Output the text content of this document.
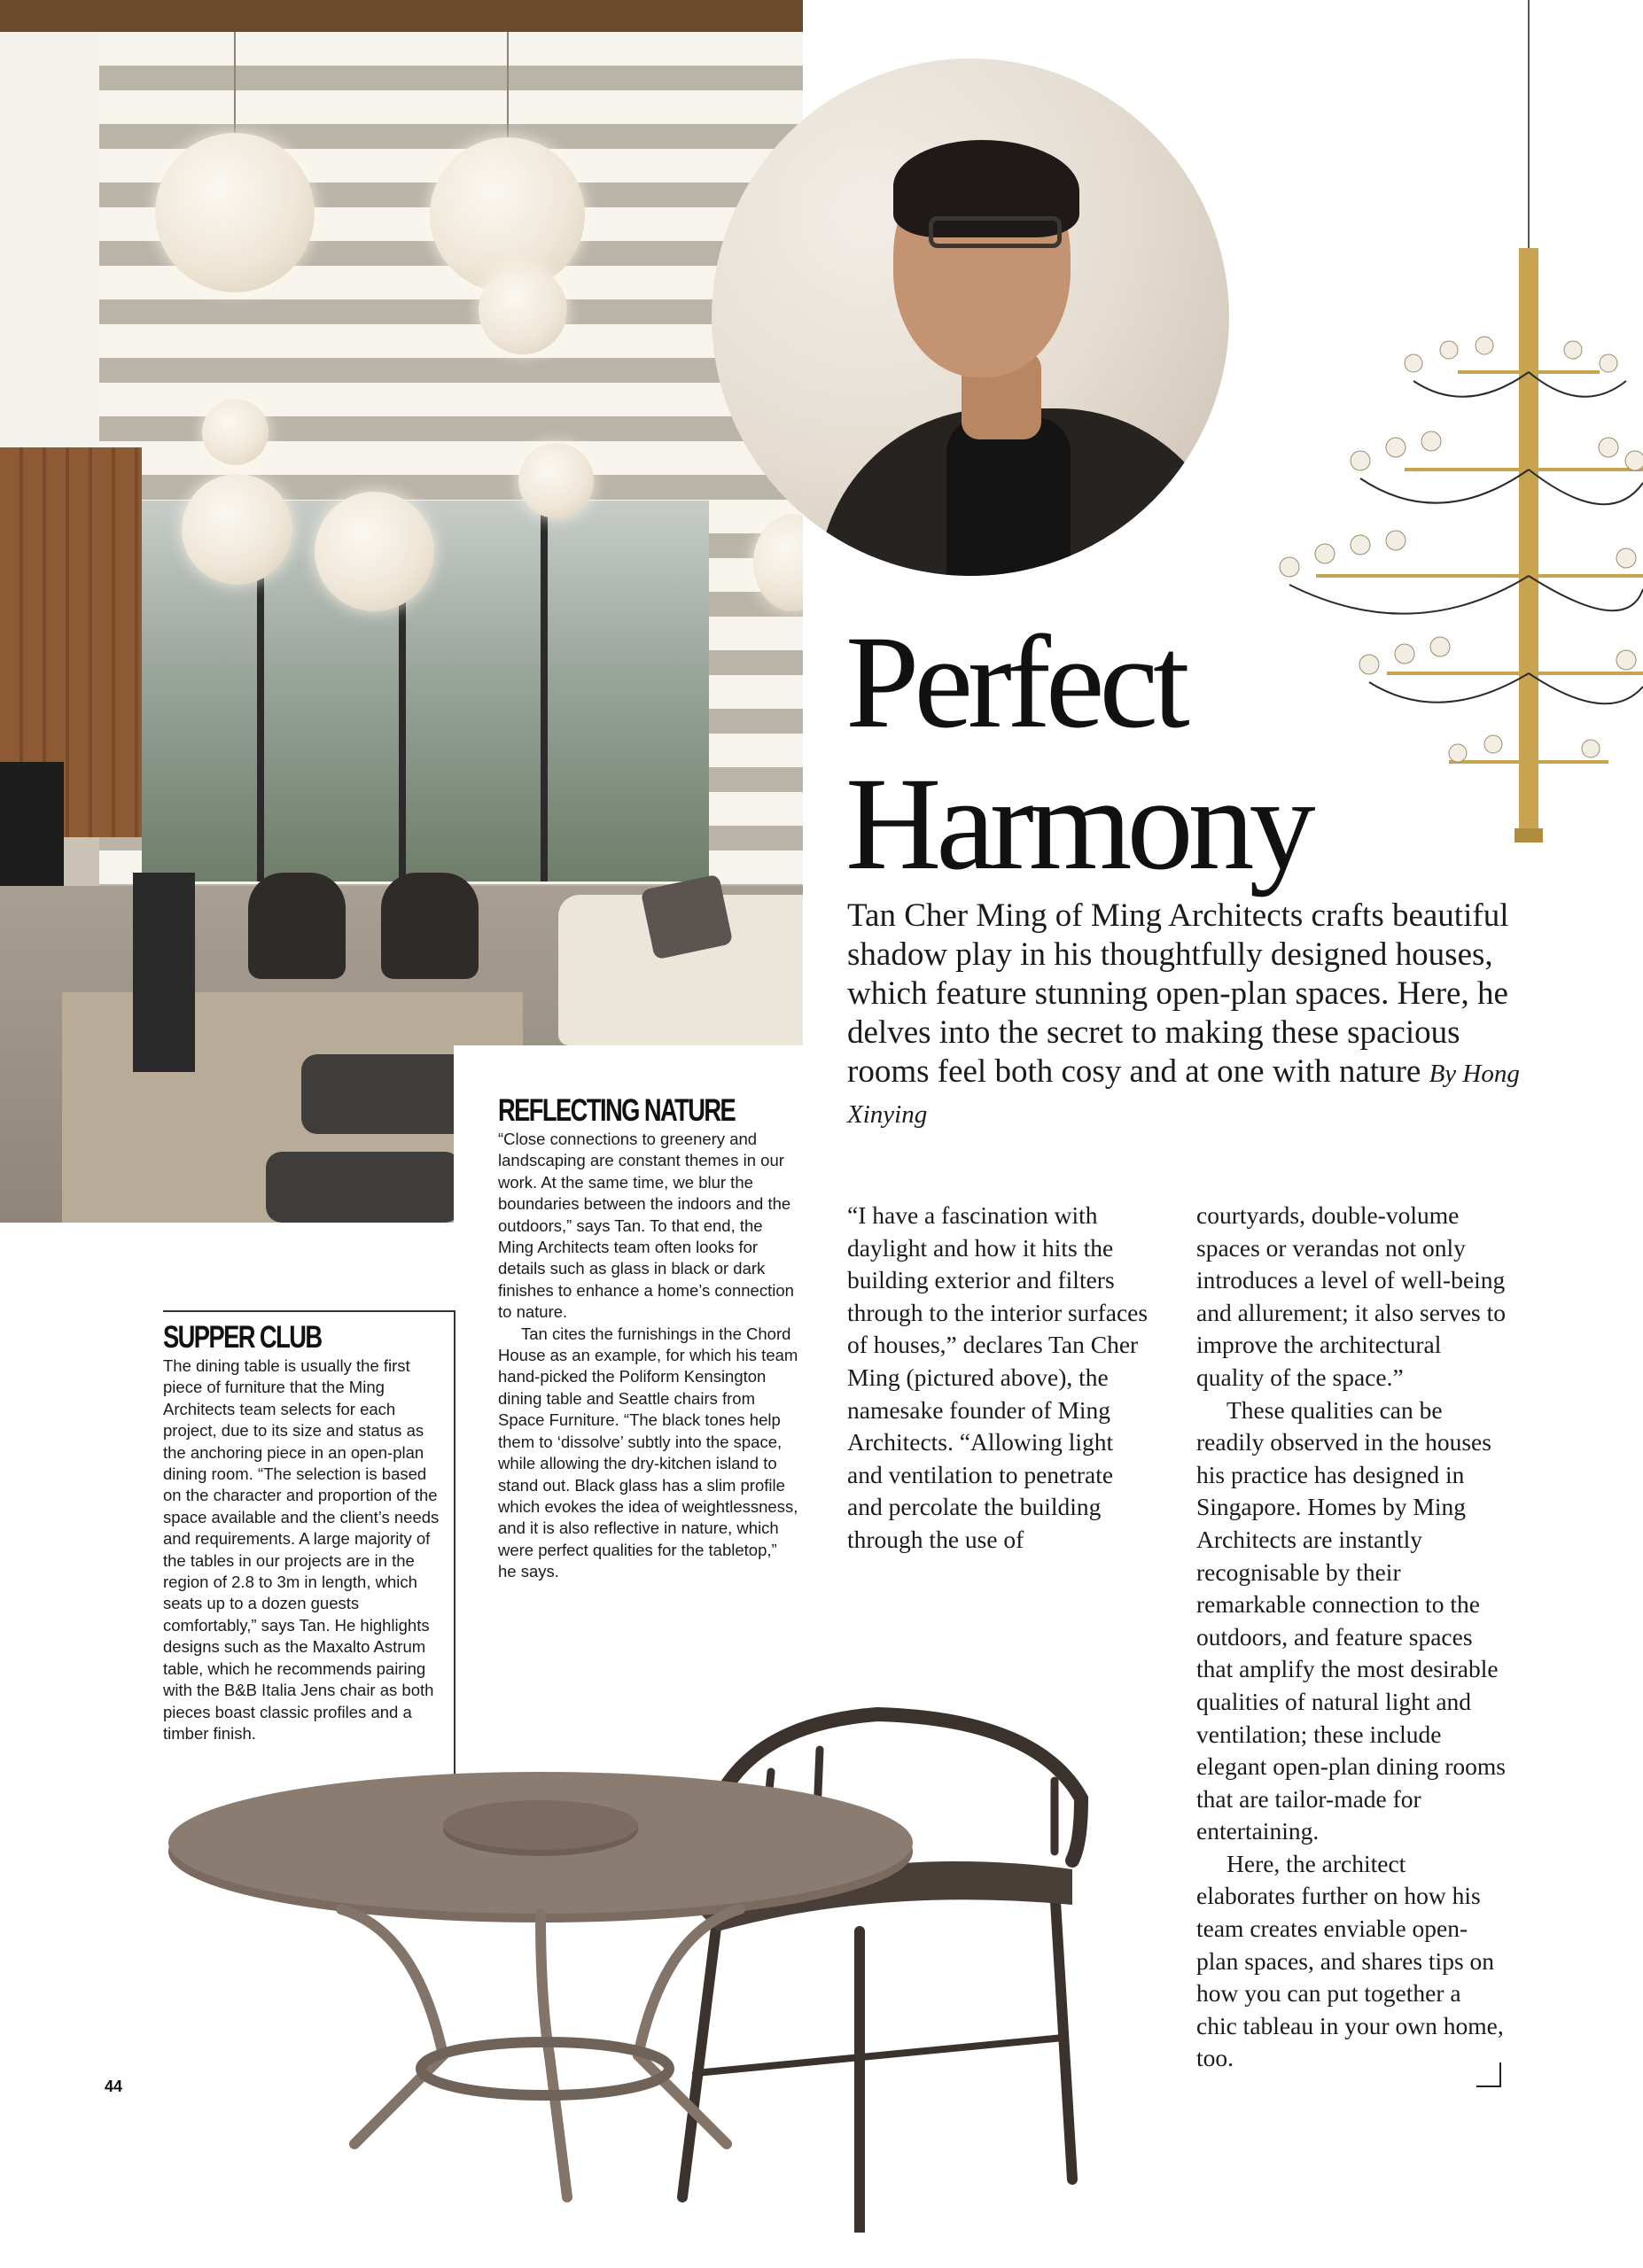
Perfect
Harmony

Tan Cher Ming of Ming Architects crafts beautiful shadow play in his thoughtfully designed houses, which feature stunning open-plan spaces. Here, he delves into the secret to making these spacious rooms feel both cosy and at one with nature By Hong Xinying

REFLECTING NATURE

“Close connections to greenery and landscaping are constant themes in our work. At the same time, we blur the boundaries between the indoors and the outdoors,” says Tan. To that end, the Ming Architects team often looks for details such as glass in black or dark finishes to enhance a home’s connection to nature.

Tan cites the furnishings in the Chord House as an example, for which his team hand-picked the Poliform Kensington dining table and Seattle chairs from Space Furniture. “The black tones help them to ‘dissolve’ subtly into the space, while allowing the dry-kitchen island to stand out. Black glass has a slim profile which evokes the idea of weightlessness, and it is also reflective in nature, which were perfect qualities for the tabletop,” he says.

SUPPER CLUB

The dining table is usually the first piece of furniture that the Ming Architects team selects for each project, due to its size and status as the anchoring piece in an open-plan dining room. “The selection is based on the character and proportion of the space available and the client’s needs and requirements. A large majority of the tables in our projects are in the region of 2.8 to 3m in length, which seats up to a dozen guests comfortably,” says Tan. He highlights designs such as the Maxalto Astrum table, which he recommends pairing with the B&B Italia Jens chair as both pieces boast classic profiles and a timber finish.

“I have a fascination with daylight and how it hits the building exterior and filters through to the interior surfaces of houses,” declares Tan Cher Ming (pictured above), the namesake founder of Ming Architects. “Allowing light and ventilation to penetrate and percolate the building through the use of

courtyards, double-volume spaces or verandas not only introduces a level of well-being and allurement; it also serves to improve the architectural quality of the space.”

These qualities can be readily observed in the houses his practice has designed in Singapore. Homes by Ming Architects are instantly recognisable by their remarkable connection to the outdoors, and feature spaces that amplify the most desirable qualities of natural light and ventilation; these include elegant open-plan dining rooms that are tailor-made for entertaining.

Here, the architect elaborates further on how his team creates enviable open-plan spaces, and shares tips on how you can put together a chic tableau in your own home, too.

44
